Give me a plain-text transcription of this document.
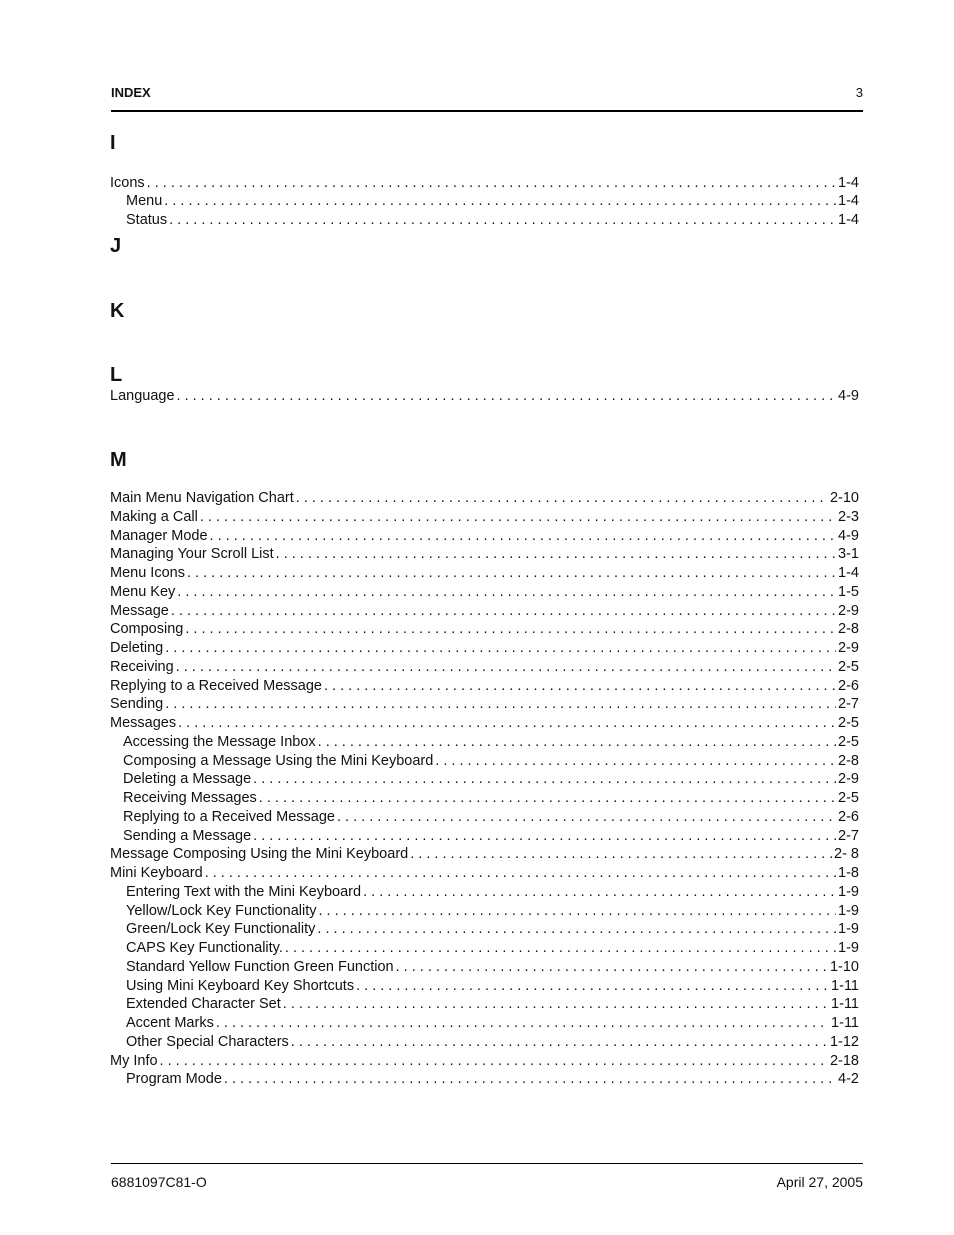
INDEX	3
I
Icons . . .	1-4
Menu . . .	1-4
Status . . .	1-4
J
K
L
Language . . .	4-9
M
Main Menu Navigation Chart . . .	2-10
Making a Call . . .	2-3
Manager Mode . . .	4-9
Managing Your Scroll List . . .	3-1
Menu Icons . . .	1-4
Menu Key . . .	1-5
Message . . .	2-9
Composing . . .	2-8
Deleting . . .	2-9
Receiving . . .	2-5
Replying to a Received Message . . .	2-6
Sending . . .	2-7
Messages . . .	2-5
Accessing the Message Inbox . . .	2-5
Composing a Message Using the Mini Keyboard . . .	2-8
Deleting a Message . . .	2-9
Receiving Messages . . .	2-5
Replying to a Received Message . . .	2-6
Sending a Message . . .	2-7
Message Composing Using the Mini Keyboard . . .	2- 8
Mini Keyboard . . .	1-8
Entering Text with the Mini Keyboard . . .	1-9
Yellow/Lock Key Functionality . . .	1-9
Green/Lock Key Functionality . . .	1-9
CAPS Key Functionality. . . .	1-9
Standard Yellow Function Green Function . . .	1-10
Using Mini Keyboard Key Shortcuts . . .	1-11
Extended Character Set . . .	1-11
Accent Marks . . .	1-11
Other Special Characters . . .	1-12
My Info . . .	2-18
Program Mode . . .	4-2
6881097C81-O	April 27, 2005
